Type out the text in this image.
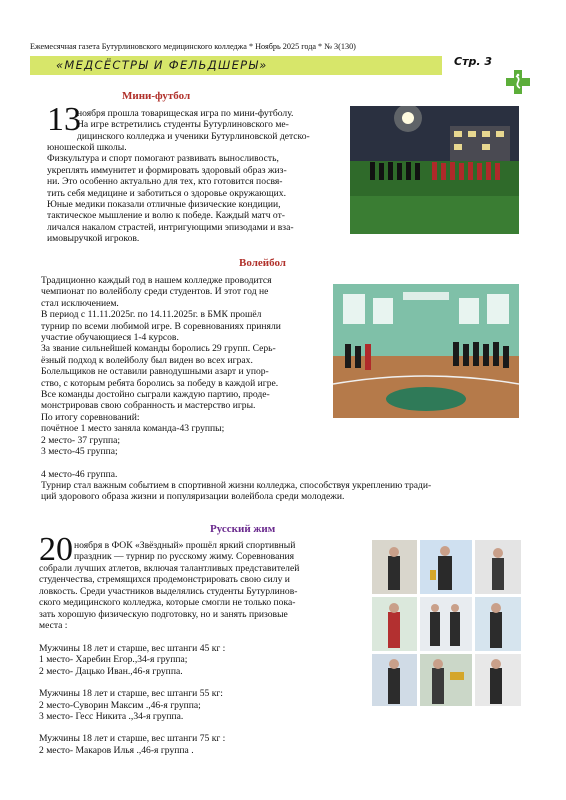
Ежемесячная газета Бутурлиновского медицинского колледжа * Ноябрь 2025 года * № 3(130)
«МЕДСЁСТРЫ И ФЕЛЬДШЕРЫ»	Стр. 3
Мини-футбол
13
ноября прошла товарищеская игра по мини-футболу.
На игре встретились студенты Бутурлиновского ме-
дицинского колледжа и ученики Бутурлиновской детско-
юношеской школы.
Физкультура и спорт помогают развивать выносливость,
укреплять иммунитет и формировать здоровый образ жиз-
ни. Это особенно актуально для тех, кто готовится посвя-
тить себя медицине и заботиться о здоровье окружающих.
Юные медики показали отличные физические кондиции,
тактическое мышление и волю к победе. Каждый матч от-
личался накалом страстей, интригующими эпизодами и вза-
имовыручкой игроков.
Волейбол
Традиционно каждый год в нашем колледже проводится
чемпионат по волейболу среди студентов. И этот год не
стал исключением.
В период с 11.11.2025г. по 14.11.2025г. в БМК прошёл
турнир по всеми любимой игре. В соревнованиях приняли
участие обучающиеся 1-4 курсов.
За звание сильнейшей команды боролись 29 групп. Серь-
ёзный подход к волейболу был виден во всех играх.
Болельщиков не оставили равнодушными азарт и упор-
ство, с которым ребята боролись за победу в каждой игре.
Все команды достойно сыграли каждую партию, продe-
монстрировав свою собранность и мастерство игры.
По итогу соревнований:
почётное 1 место заняла команда-43 группы;
2 место- 37 группа;
3 место-45 группа;
4 место-46 группа.
Турнир стал важным событием в спортивной жизни колледжа, способствуя укреплению тради-
ций здорового образа жизни и популяризации волейбола среди молодежи.
Русский жим
20 ноября в ФОК «Звёздный» прошёл яркий спортивный
праздник — турнир по русскому жиму. Соревнования
собрали лучших атлетов, включая талантливых представителей
студенчества, стремящихся продемонстрировать свою силу и
ловкость. Среди участников выделялись студенты Бутурлинов-
ского медицинского колледжа, которые смогли не только пока-
зать хорошую физическую подготовку, но и занять призовые
места :
Мужчины 18 лет и старше, вес штанги 45 кг :
1 место- Харебин Егор.,34-я группа;
2 место- Дацько Иван.,46-я группа.
Мужчины 18 лет и старше, вес штанги 55 кг:
2 место-Суворин Максим .,46-я группа;
3 место- Гесс Никита .,34-я группа.
Мужчины 18 лет и старше, вес штанги 75 кг :
2 место- Макаров Илья .,46-я группа .
